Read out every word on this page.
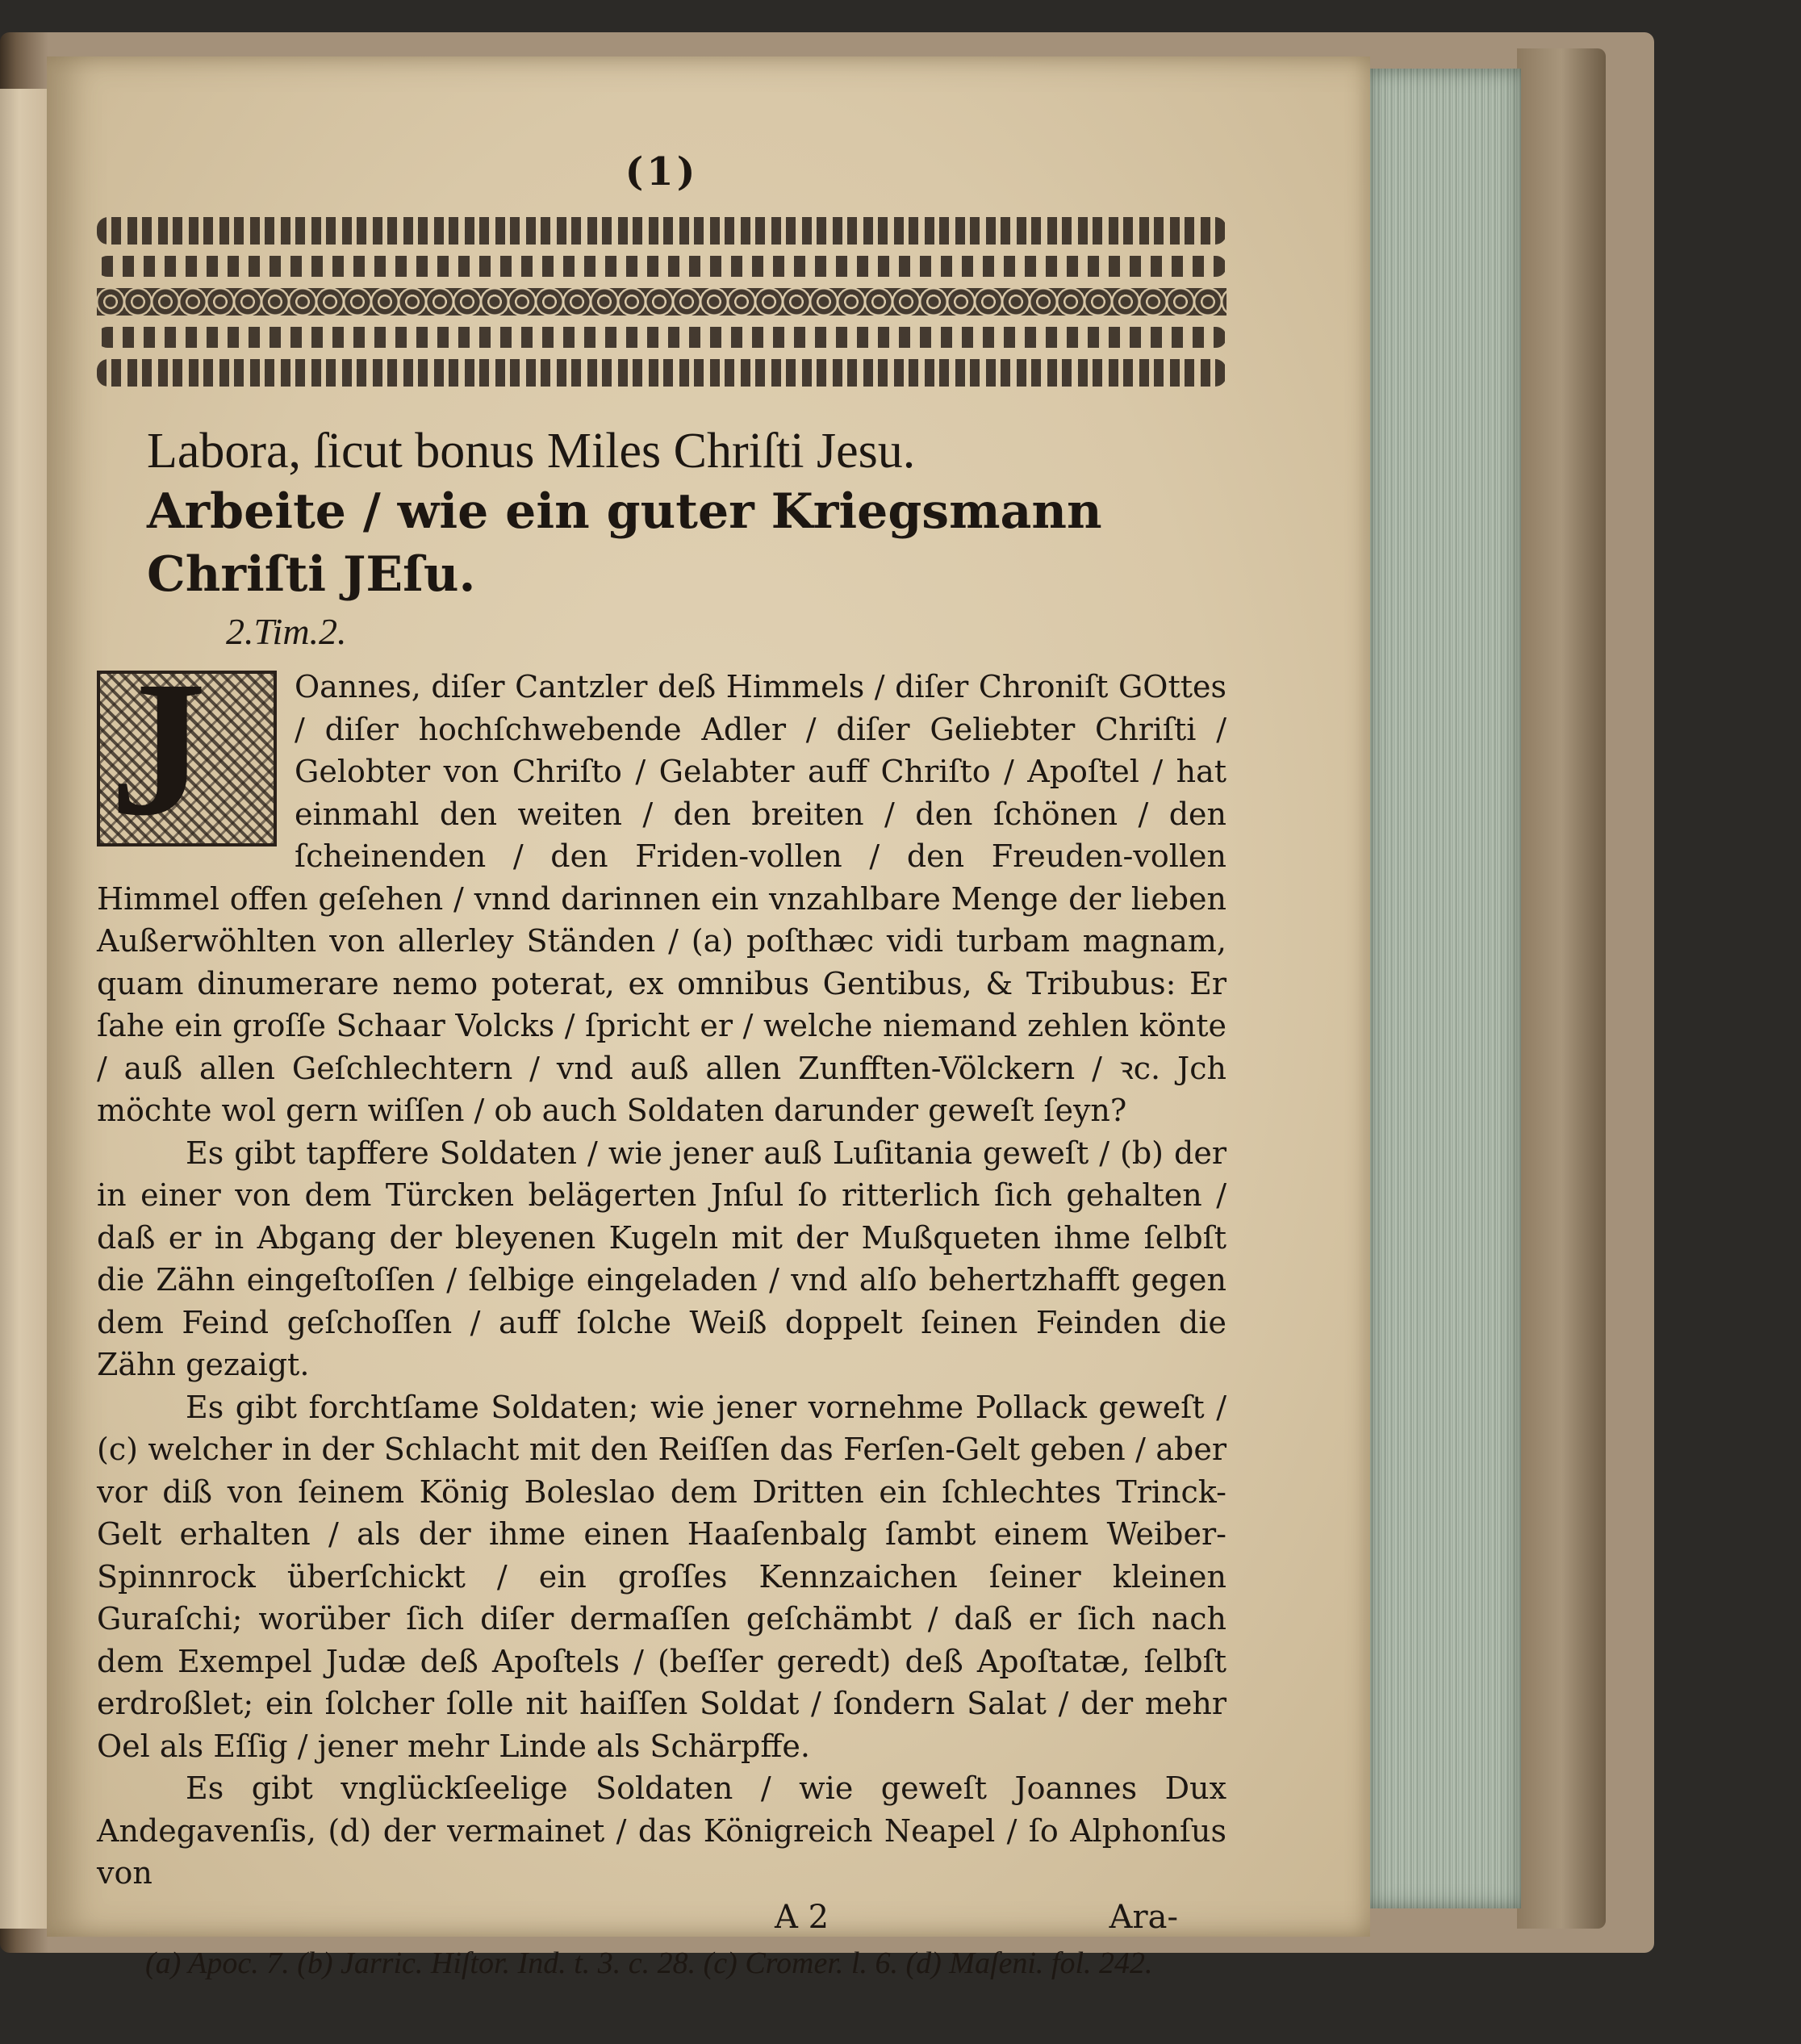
(1)
Labora, ſicut bonus Miles Chriſti Jesu.
Arbeite / wie ein guter Kriegsmann Chriſti JEſu.
2.Tim.2.
J	Oannes, diſer Cantzler deß Himmels / diſer Chroniſt GOttes / diſer hochſchwebende Adler / diſer Geliebter Chriſti / Gelobter von Chriſto / Gelabter auff Chriſto / Apoſtel / hat einmahl den weiten / den breiten / den ſchönen / den ſcheinenden / den Friden-vollen / den Freuden-vollen Himmel offen geſehen / vnnd darinnen ein vnzahlbare Menge der lieben Außerwöhlten von allerley Ständen / (a) poſthæc vidi turbam magnam, quam dinumerare nemo poterat, ex omnibus Gentibus, & Tribubus: Er ſahe ein groſſe Schaar Volcks / ſpricht er / welche niemand zehlen könte / auß allen Geſchlechtern / vnd auß allen Zunfften-Völckern / ꝛc. Jch möchte wol gern wiſſen / ob auch Soldaten darunder geweſt ſeyn?

Es gibt tapffere Soldaten / wie jener auß Luſitania geweſt / (b) der in einer von dem Türcken belägerten Jnſul ſo ritterlich ſich gehalten / daß er in Abgang der bleyenen Kugeln mit der Mußqueten ihme ſelbſt die Zähn eingeſtoſſen / ſelbige eingeladen / vnd alſo behertzhafft gegen dem Feind geſchoſſen / auff ſolche Weiß doppelt ſeinen Feinden die Zähn gezaigt.

Es gibt forchtſame Soldaten; wie jener vornehme Pollack geweſt / (c) welcher in der Schlacht mit den Reiſſen das Ferſen-Gelt geben / aber vor diß von ſeinem König Boleslao dem Dritten ein ſchlechtes Trinck-Gelt erhalten / als der ihme einen Haaſenbalg ſambt einem Weiber-Spinnrock überſchickt / ein groſſes Kennzaichen ſeiner kleinen Guraſchi; worüber ſich diſer dermaſſen geſchämbt / daß er ſich nach dem Exempel Judæ deß Apoſtels / (beſſer geredt) deß Apoſtatæ, ſelbſt erdroßlet; ein ſolcher ſolle nit haiſſen Soldat / ſondern Salat / der mehr Oel als Eſſig / jener mehr Linde als Schärpffe.

Es gibt vnglückſeelige Soldaten / wie geweſt Joannes Dux Andegavenſis, (d) der vermainet / das Königreich Neapel / ſo Alphonſus von

A 2	Ara-
(a) Apoc. 7. (b) Jarric. Hiſtor. Ind. t. 3. c. 28. (c) Cromer. l. 6. (d) Maſeni. fol. 242.
